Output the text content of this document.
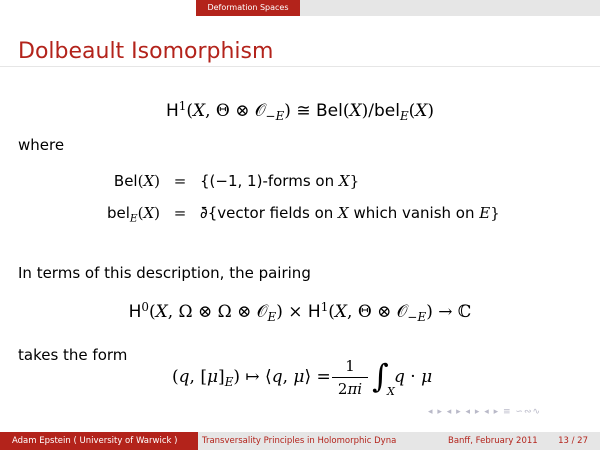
Deformation Spaces
Dolbeault Isomorphism
$H^1(X$, Θ ⊗ 𝒪$_{-E}$) ≅ Bel(X)/bel$_E$(X)
where
Bel(X) = {(−1, 1)-forms on X}
bel$_E$(X) = ∂̄{vector fields on X which vanish on E}
In terms of this description, the pairing
$H^0(X$, Ω ⊗ Ω ⊗ 𝒪$_E$) × $H^1(X$, Θ ⊗ 𝒪$_{-E}$) → ℂ
takes the form
(q, $[\mu]_E$) ↦ ⟨q, μ⟩ =
1
2πi ∫
X
q · μ
◂ ▸ ◂ ▸ ◂ ▸ ◂ ▸ ≡ ∽∾∿
Adam Epstein ( University of Warwick )	Transversality Principles in Holomorphic Dyna	Banff, February 2011 13 / 27
